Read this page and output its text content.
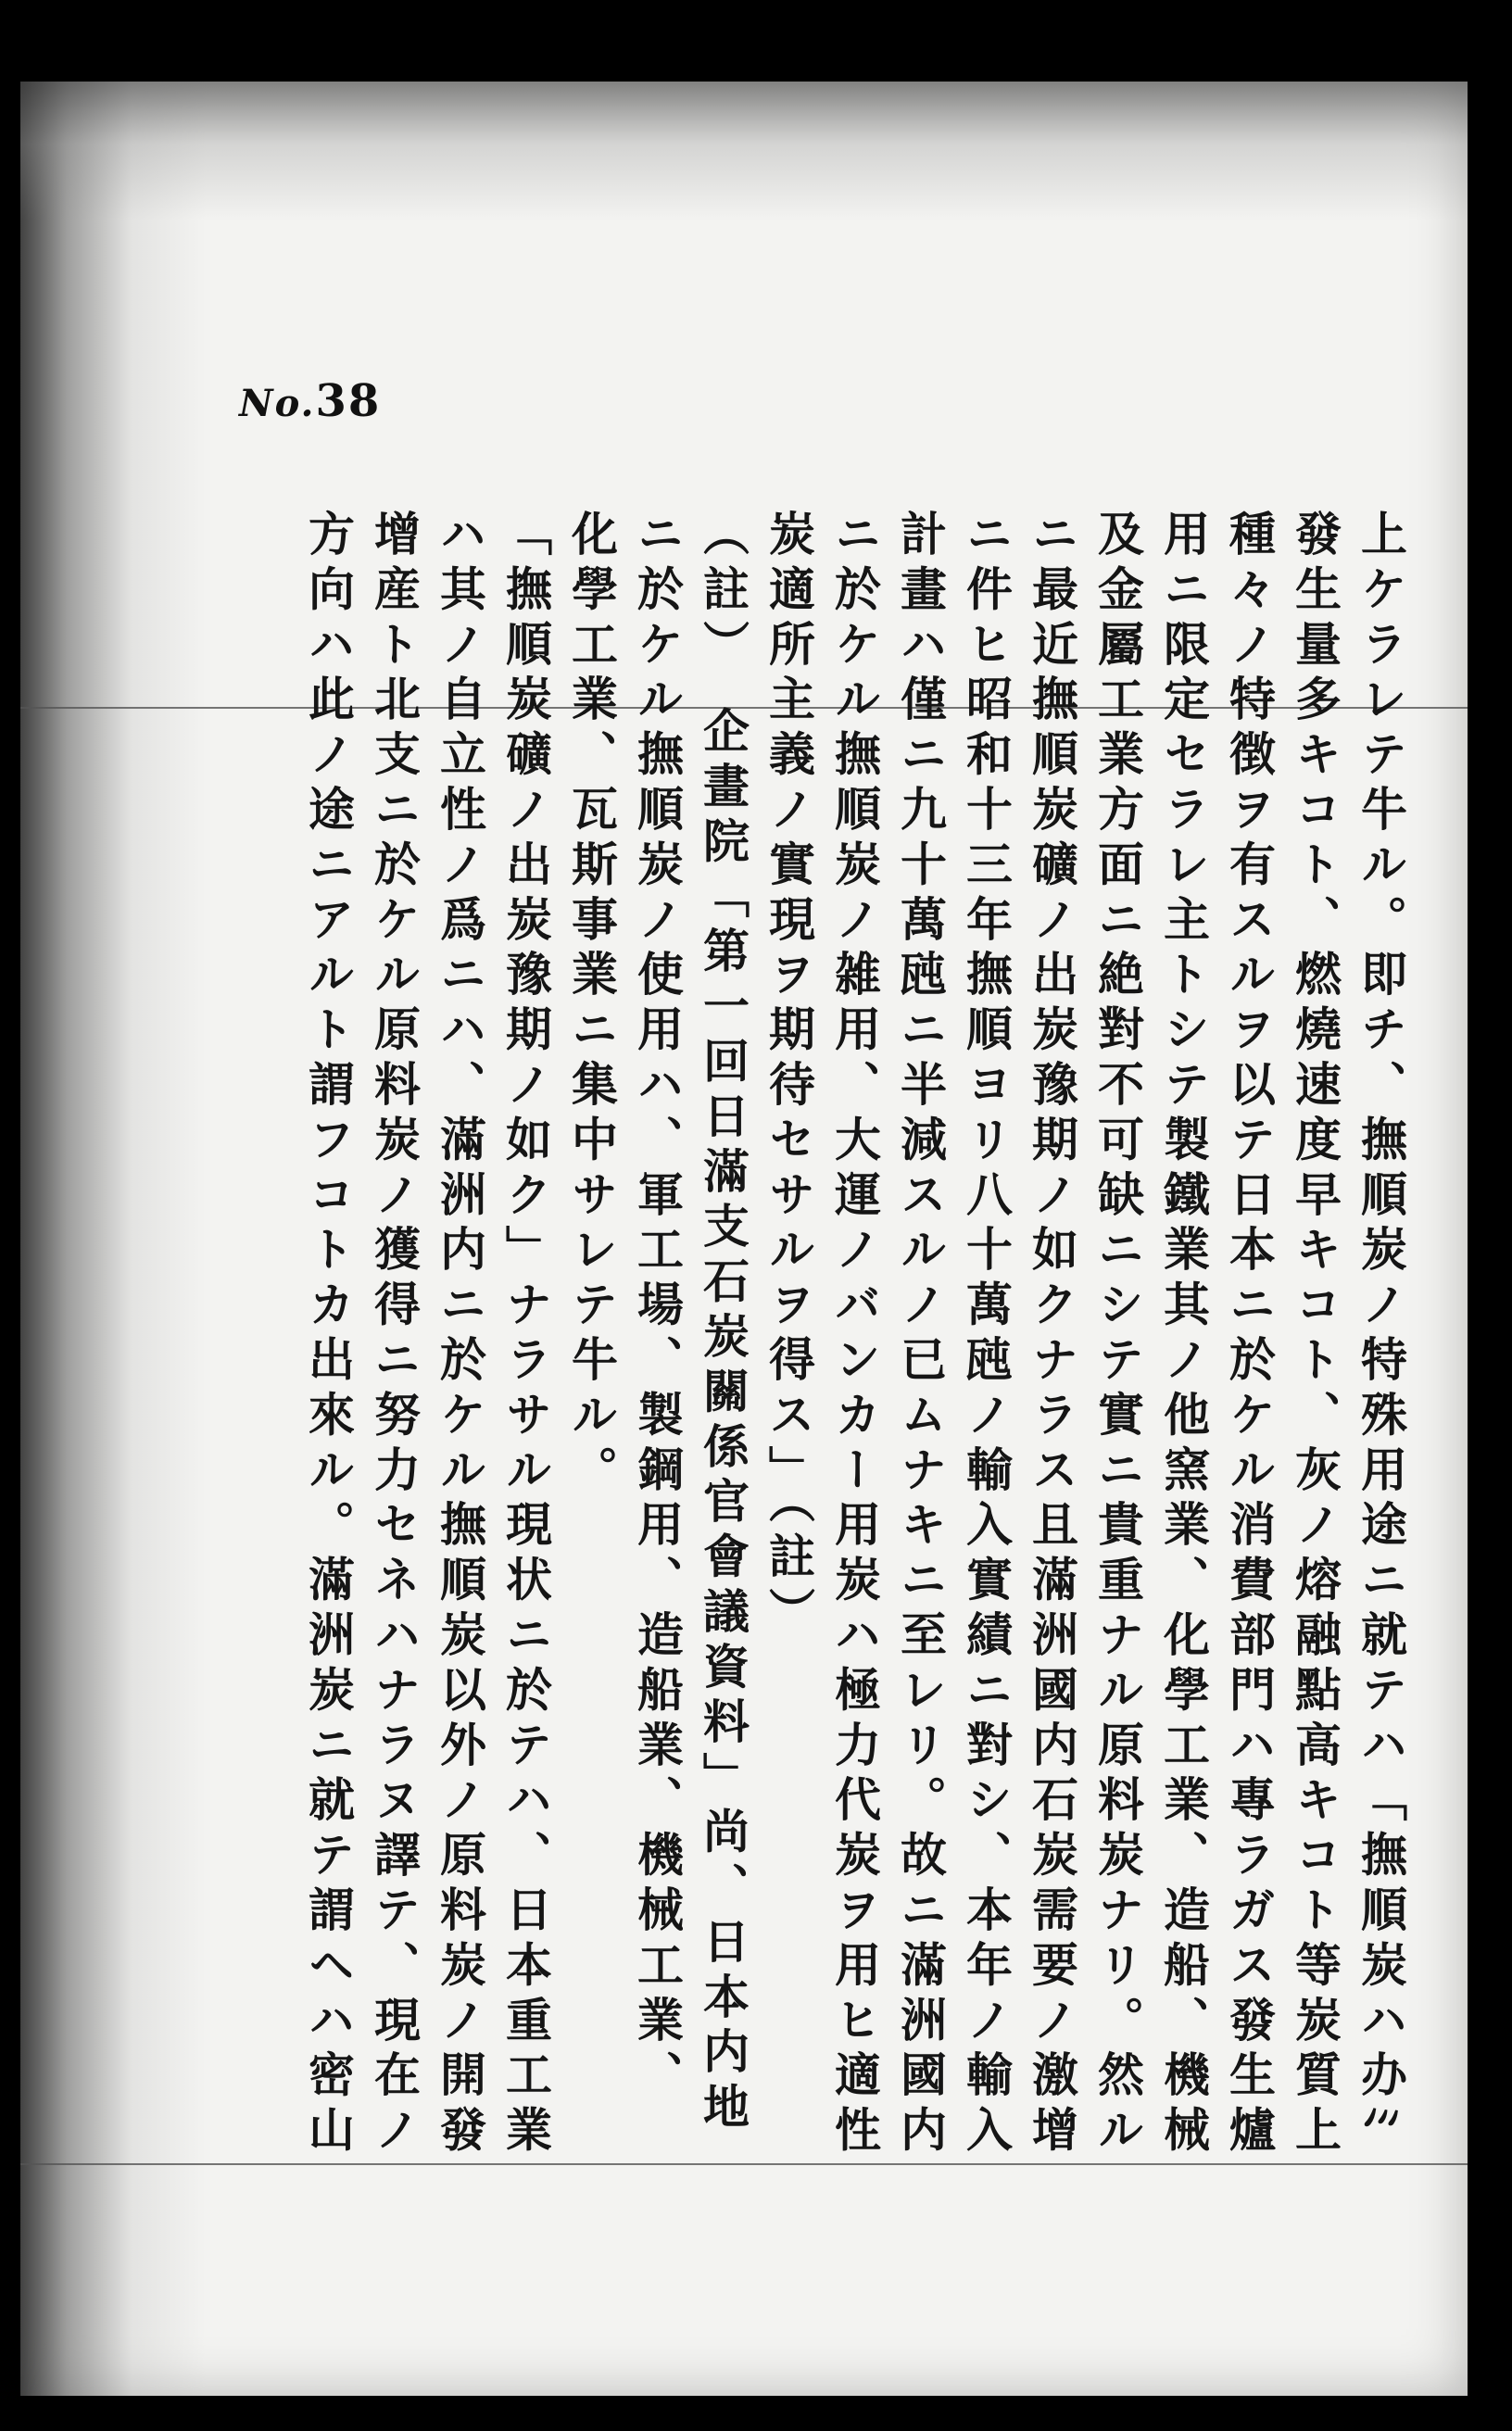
No.38
上ケラレテ牛ル。即チ、撫順炭ノ特殊用途ニ就テハ「撫順炭ハ办ﾐ
發生量多キコト、燃燒速度早キコト、灰ノ熔融點高キコト等炭質上
種々ノ特徴ヲ有スルヲ以テ日本ニ於ケル消費部門ハ專ラガス發生爐
用ニ限定セラレ主トシテ製鐵業其ノ他窯業、化學工業、造船、機械
及金屬工業方面ニ絶對不可缺ニシテ實ニ貴重ナル原料炭ナリ。然ル
ニ最近撫順炭礦ノ出炭豫期ノ如クナラス且滿洲國内石炭需要ノ激增
ニ件ヒ昭和十三年撫順ヨリ八十萬瓲ノ輸入實績ニ對シ、本年ノ輸入
計畫ハ僅ニ九十萬瓲ニ半減スルノ已ムナキニ至レリ。故ニ滿洲國内
ニ於ケル撫順炭ノ雑用、大運ノバンカー用炭ハ極力代炭ヲ用ヒ適性
炭適所主義ノ實現ヲ期待セサルヲ得ス」（註）
（註）　企畫院「第一回日滿支石炭關係官會議資料」尚、日本内地
ニ於ケル撫順炭ノ使用ハ、軍工場、製鋼用、造船業、機械工業、
化學工業、瓦斯事業ニ集中サレテ牛ル。
「撫順炭礦ノ出炭豫期ノ如ク」ナラサル現状ニ於テハ、日本重工業
ハ其ノ自立性ノ爲ニハ、滿洲内ニ於ケル撫順炭以外ノ原料炭ノ開發
增産ト北支ニ於ケル原料炭ノ獲得ニ努力セネハナラヌ譯テ、現在ノ
方向ハ此ノ途ニアルト謂フコトカ出來ル。滿洲炭ニ就テ謂ヘハ密山
